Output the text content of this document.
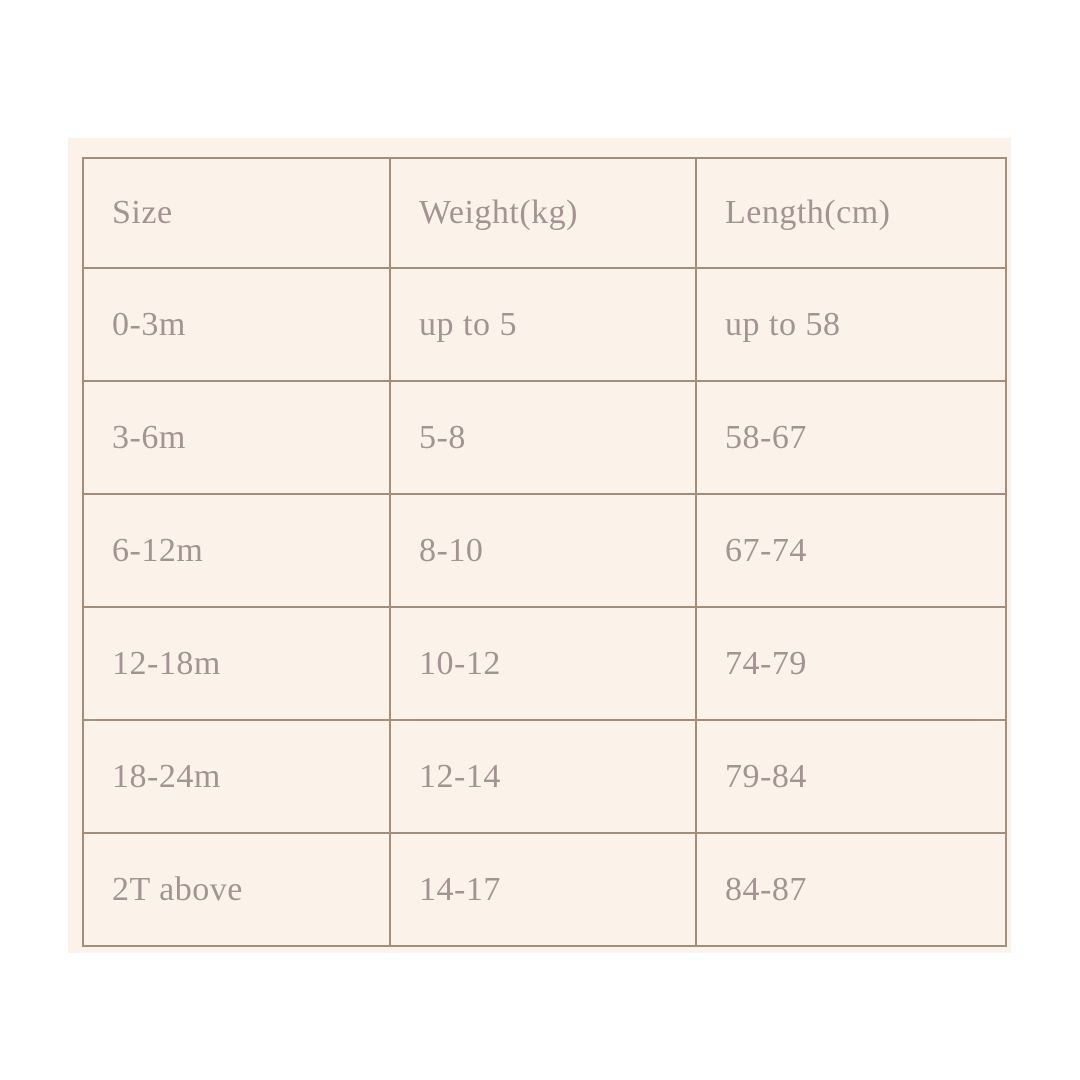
Size	Weight(kg)	Length(cm)
0-3m	up to 5	up to 58
3-6m	5-8	58-67
6-12m	8-10	67-74
12-18m	10-12	74-79
18-24m	12-14	79-84
2T above	14-17	84-87
